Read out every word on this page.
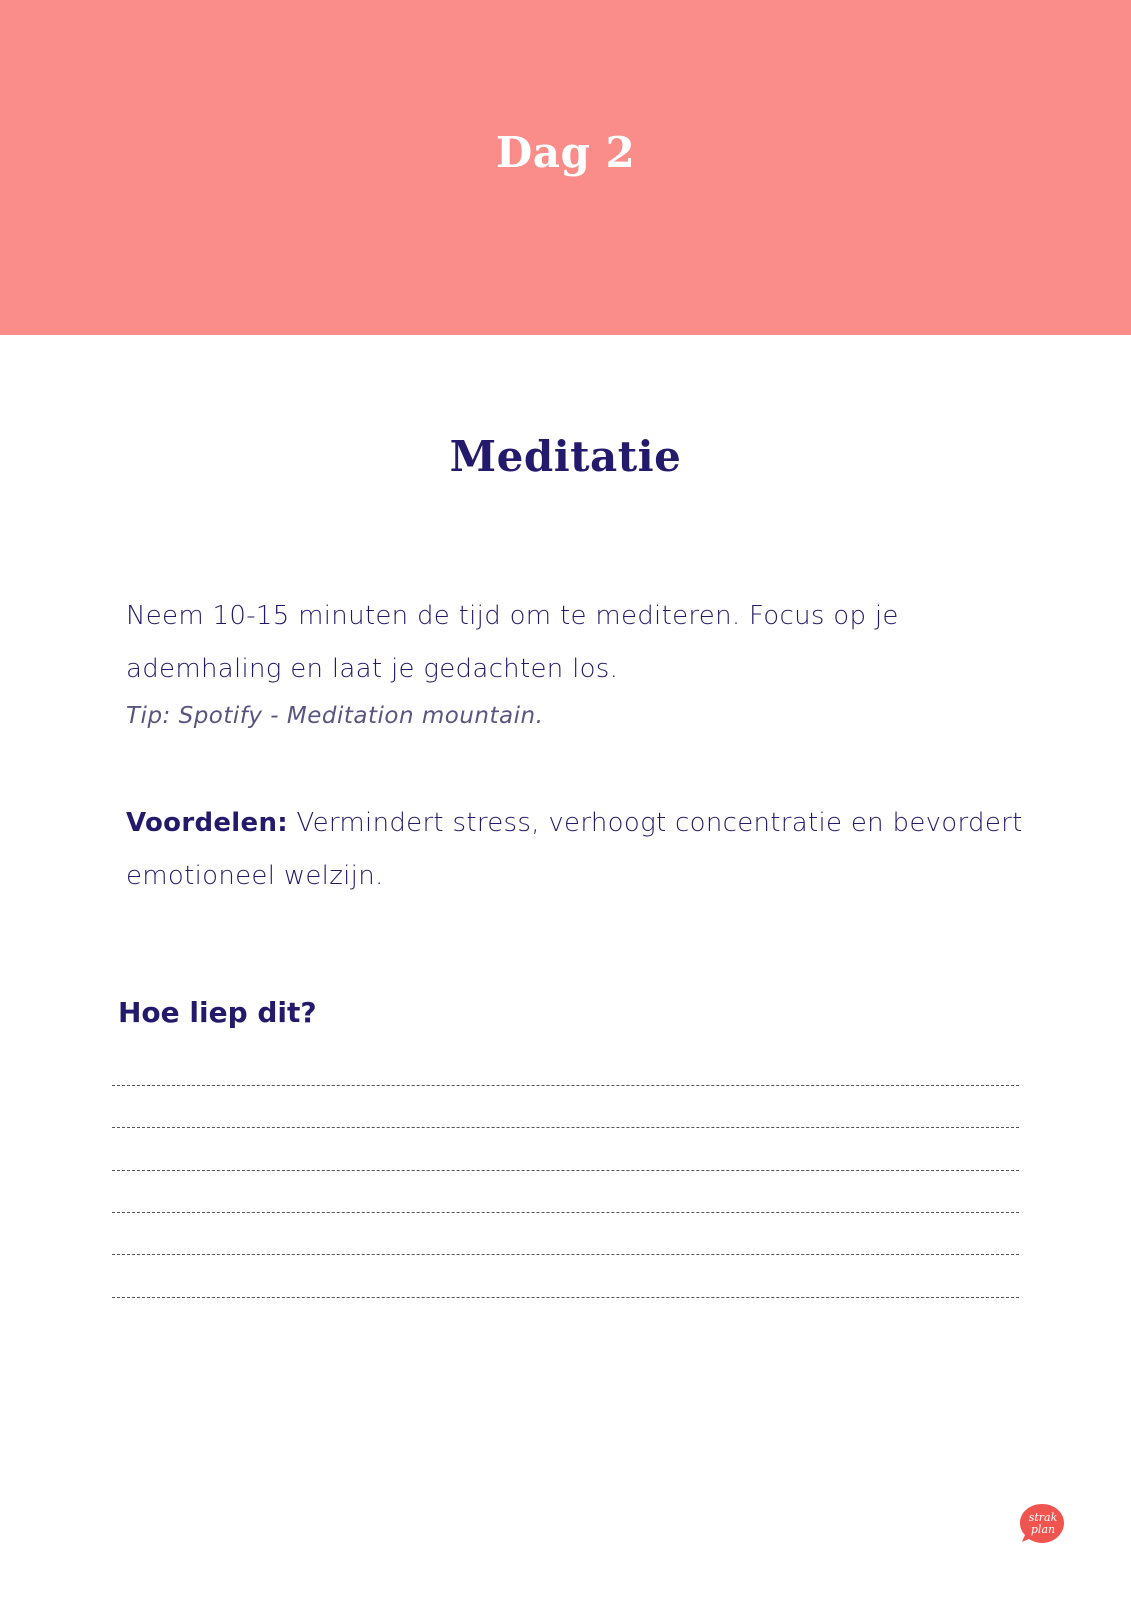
Dag 2
Meditatie
Neem 10-15 minuten de tijd om te mediteren. Focus op je ademhaling en laat je gedachten los.
Tip: Spotify - Meditation mountain.
Voordelen: Vermindert stress, verhoogt concentratie en bevordert emotioneel welzijn.
Hoe liep dit?
strak
plan
